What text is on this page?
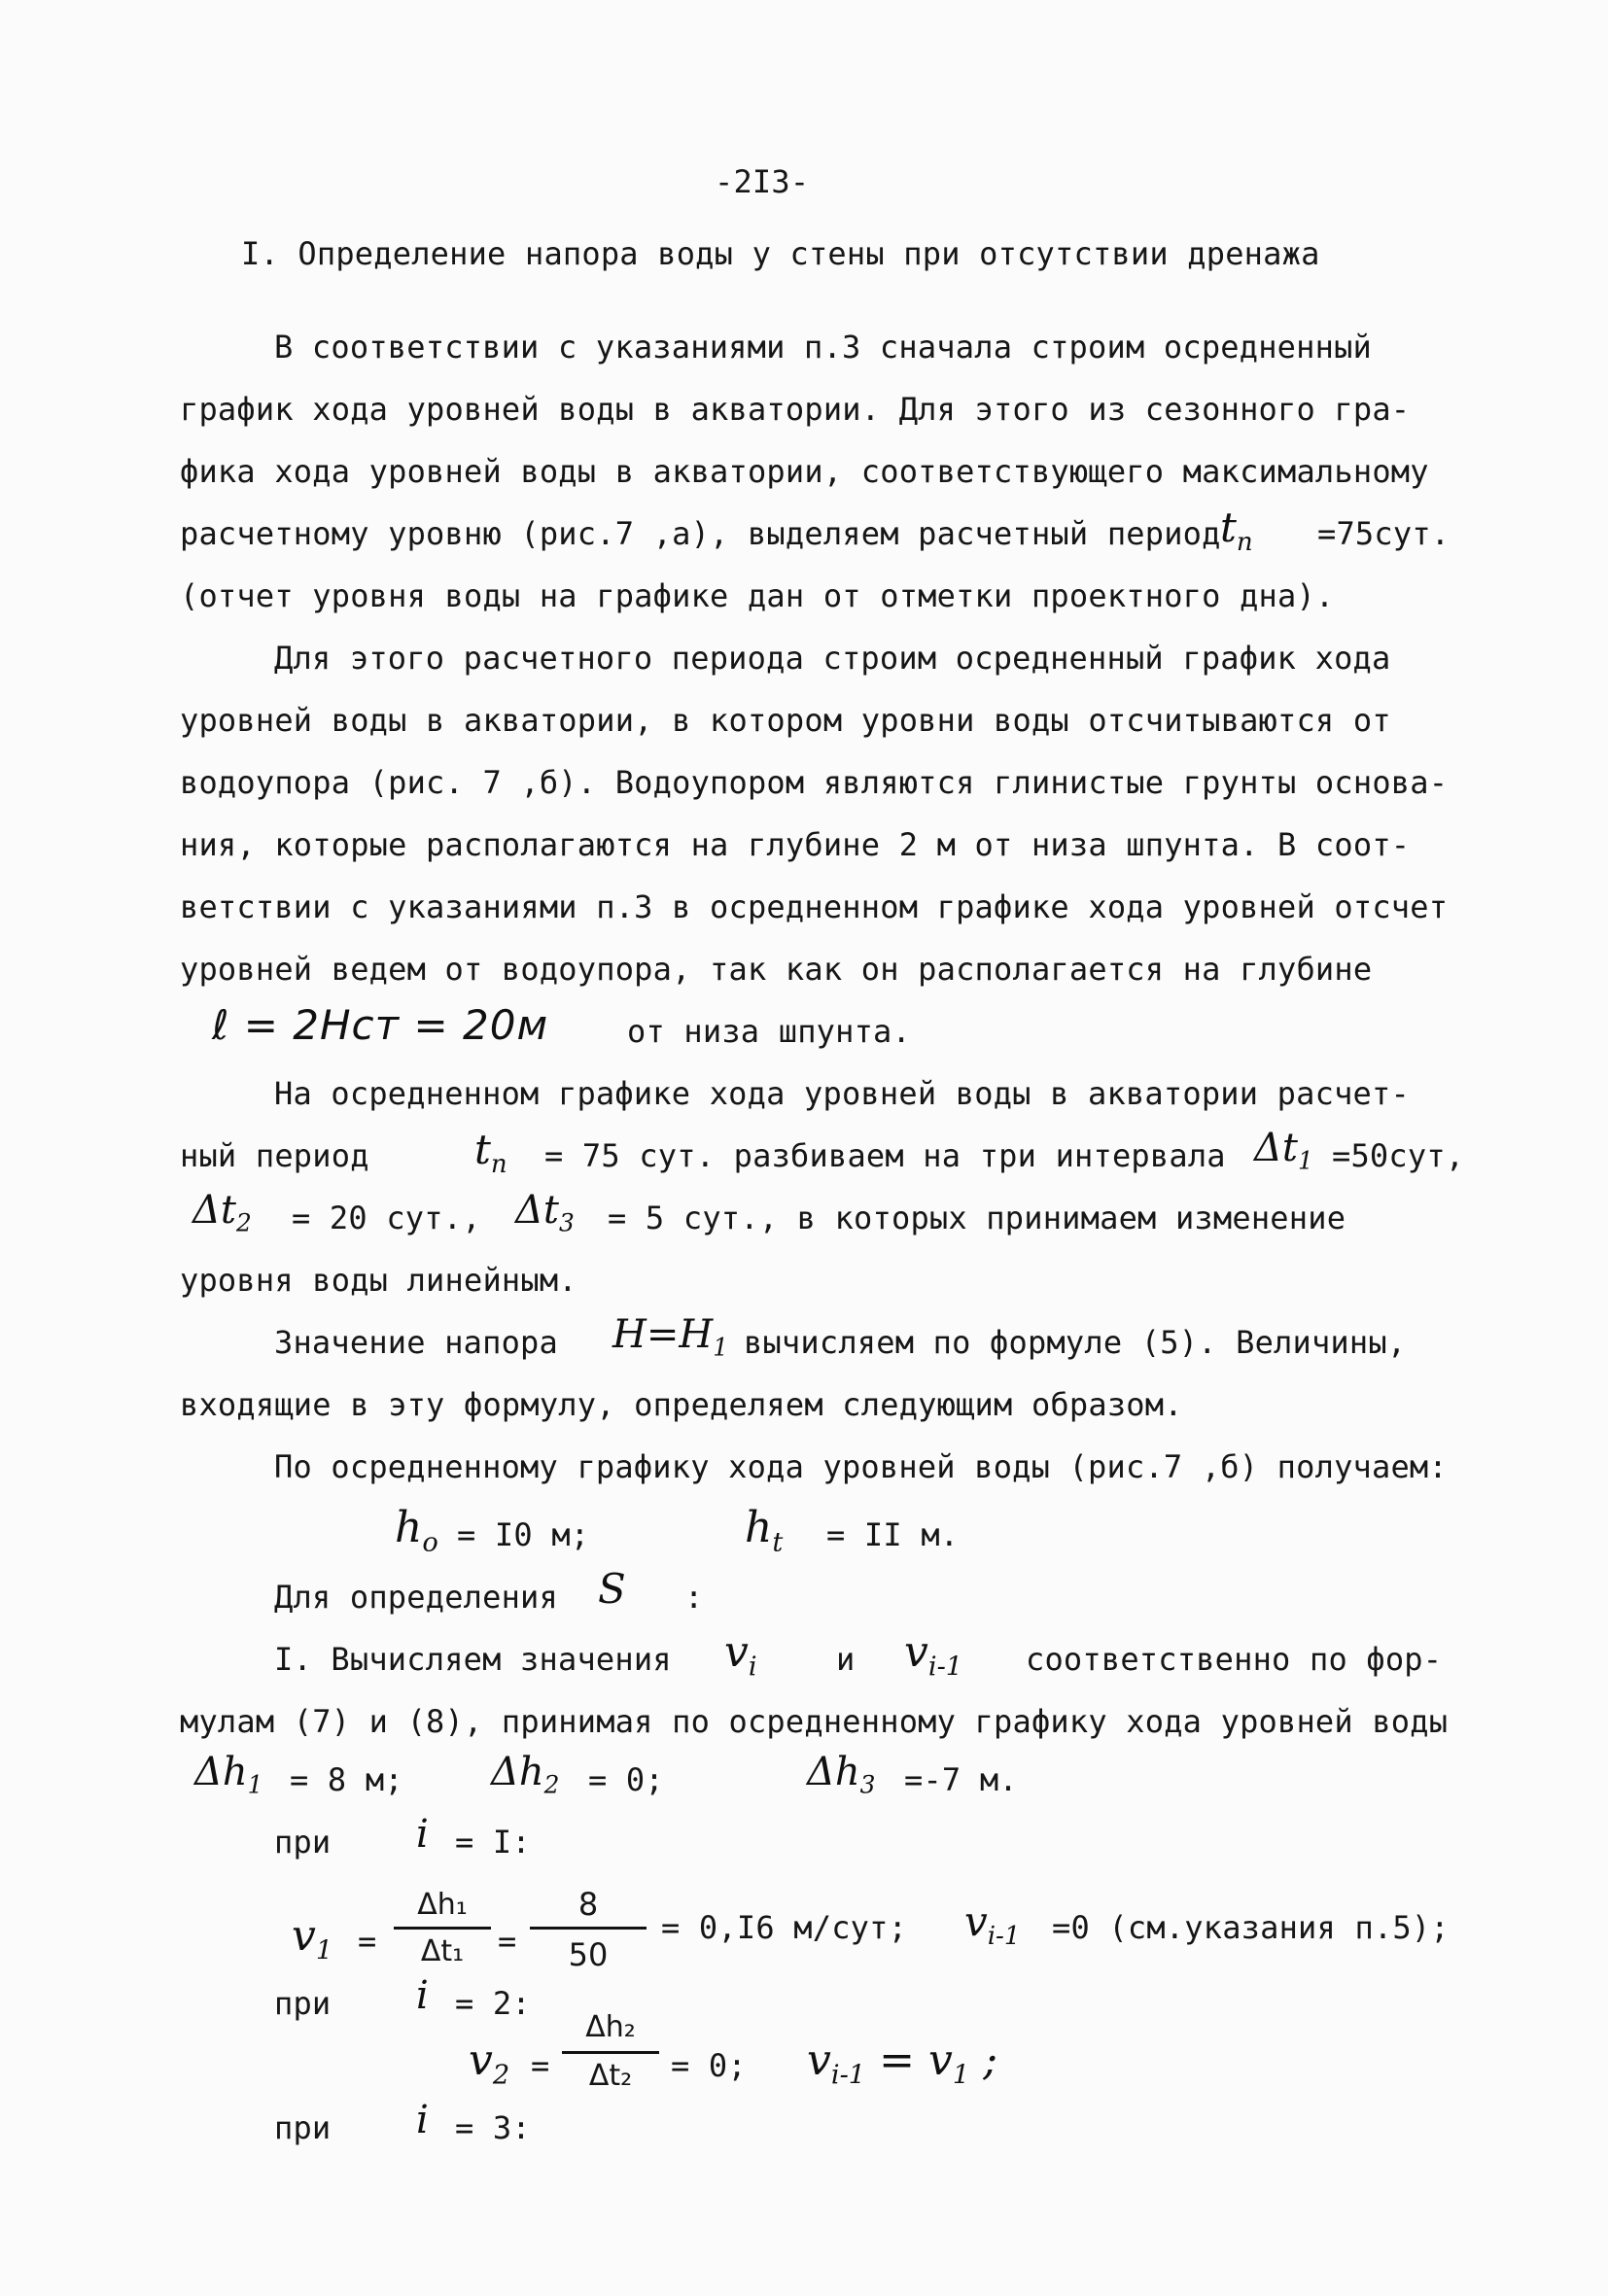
-2I3-
I. Определение напора воды у стены при отсутствии дренажа
В соответствии с указаниями п.3 сначала строим осредненный
график хода уровней воды в акватории. Для этого из сезонного гра-
фика хода уровней воды в акватории, соответствующего максимальному
расчетному уровню (рис.7 ,а), выделяем расчетный период $t_п =75сут$.
(отчет уровня воды на графике дан от отметки проектного дна).
Для этого расчетного периода строим осредненный график хода
уровней воды в акватории, в котором уровни воды отсчитываются от
водоупора (рис. 7 ,б). Водоупором являются глинистые грунты основа-
ния, которые располагаются на глубине 2 м от низа шпунта. В соот-
ветствии с указаниями п.3 в осредненном графике хода уровней отсчет
уровней ведем от водоупора, так как он располагается на глубине
ℓ = 2Hст = 20м	от низа шпунта.
На осредненном графике хода уровней воды в акватории расчет-
ный период	$t_п = 75$ сут. разбиваем на три интервала $\Delta t_1 =50сут$,
$\Delta t_2 = 20$ сут., $\Delta t_3 = 5$ сут., в которых принимаем изменение
уровня воды линейным.
Значение напора $H=H_1$ вычисляем по формуле (5). Величины,
входящие в эту формулу, определяем следующим образом.
По осредненному графику хода уровней воды (рис.7 ,б) получаем:
$h_o = I0$ м;	$h_t$ = II м.
Для определения S :
I. Вычисляем значения $v_i$	и $v_{i-1}$ соответственно по фор-
мулам (7) и (8), принимая по осредненному графику хода уровней воды
$\Delta h_1 = 8$ м; $\Delta h_2 = 0$;	$\Delta h_3 =-7$ м.
при i = I:
$v_1$ =
Δh₁
Δt₁	=
8
50
= 0,I6 м/сут; $v_{i-1} =0$ (см.указания п.5);
при i = 2:
$v_2$ =
Δh₂
Δt₂	= 0; $v_{i-1} = v_1$ ;
при i = 3:
